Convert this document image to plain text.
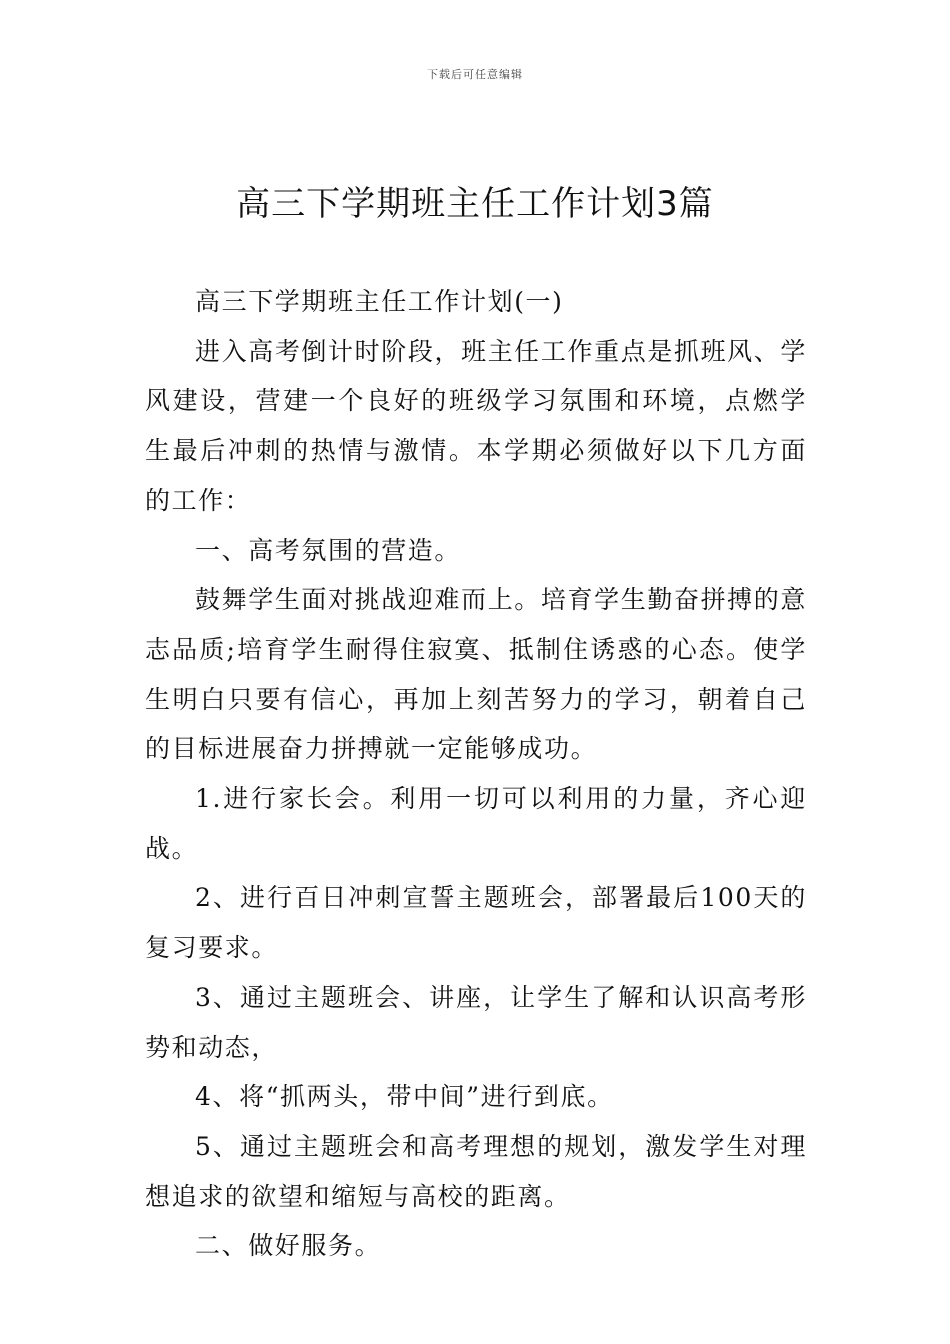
下载后可任意编辑
高三下学期班主任工作计划3篇

高三下学期班主任工作计划(一)

进入高考倒计时阶段，班主任工作重点是抓班风、学风建设，营建一个良好的班级学习氛围和环境，点燃学生最后冲刺的热情与激情。本学期必须做好以下几方面的工作：

一、高考氛围的营造。

鼓舞学生面对挑战迎难而上。培育学生勤奋拼搏的意志品质;培育学生耐得住寂寞、抵制住诱惑的心态。使学生明白只要有信心，再加上刻苦努力的学习，朝着自己的目标进展奋力拼搏就一定能够成功。

1.进行家长会。利用一切可以利用的力量，齐心迎战。

2、进行百日冲刺宣誓主题班会，部署最后100天的复习要求。

3、通过主题班会、讲座，让学生了解和认识高考形势和动态，

4、将“抓两头，带中间”进行到底。

5、通过主题班会和高考理想的规划，激发学生对理想追求的欲望和缩短与高校的距离。

二、做好服务。
